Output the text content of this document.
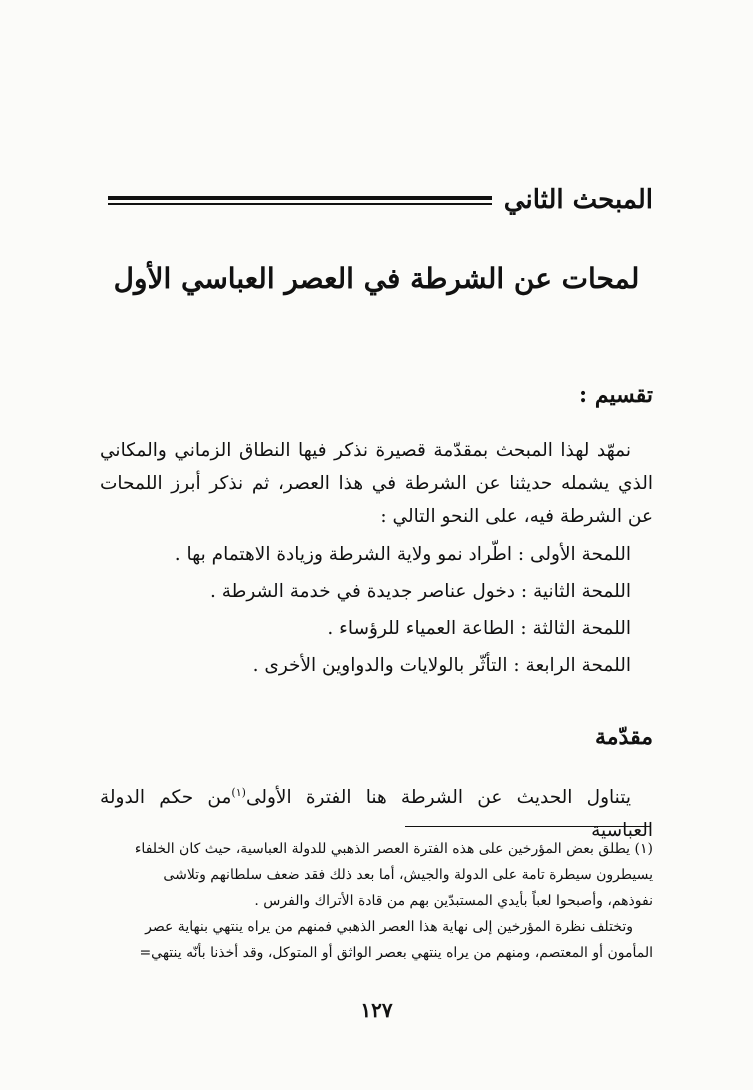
المبحث الثاني
لمحات عن الشرطة في العصر العباسي الأول
تقسيم :
نمهّد لهذا المبحث بمقدّمة قصيرة نذكر فيها النطاق الزماني والمكاني الذي يشمله حديثنا عن الشرطة في هذا العصر، ثم نذكر أبرز اللمحات عن الشرطة فيه، على النحو التالي :
اللمحة الأولى : اطّراد نمو ولاية الشرطة وزيادة الاهتمام بها .
اللمحة الثانية : دخول عناصر جديدة في خدمة الشرطة .
اللمحة الثالثة : الطاعة العمياء للرؤساء .
اللمحة الرابعة : التأثّر بالولايات والدواوين الأخرى .
مقدّمة
يتناول الحديث عن الشرطة هنا الفترة الأولى$^{(١)}$من حكم الدولة العباسية
(١) يطلق بعض المؤرخين على هذه الفترة العصر الذهبي للدولة العباسية، حيث كان الخلفاء
يسيطرون سيطرة تامة على الدولة والجيش، أما بعد ذلك فقد ضعف سلطانهم وتلاشى
نفوذهم، وأصبحوا لعباً بأيدي المستبدّين بهم من قادة الأتراك والفرس .
وتختلف نظرة المؤرخين إلى نهاية هذا العصر الذهبي فمنهم من يراه ينتهي بنهاية عصر
المأمون أو المعتصم، ومنهم من يراه ينتهي بعصر الواثق أو المتوكل، وقد أخذنا بأنّه ينتهي=
١٢٧
